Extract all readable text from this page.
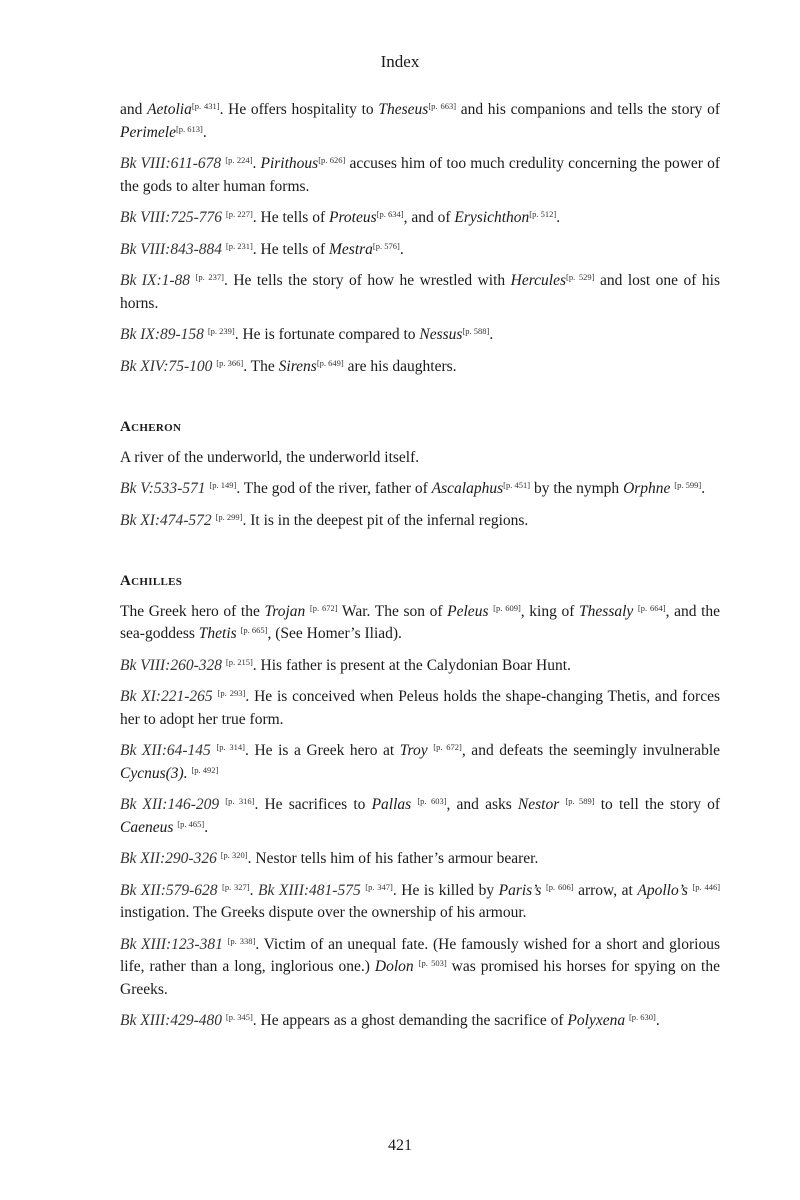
Index

and Aetolia[p. 431]. He offers hospitality to Theseus[p. 663] and his companions and tells the story of Perimele[p. 613].

Bk VIII:611-678 [p. 224]. Pirithous[p. 626] accuses him of too much credulity concerning the power of the gods to alter human forms.

Bk VIII:725-776 [p. 227]. He tells of Proteus[p. 634], and of Erysichthon[p. 512].

Bk VIII:843-884 [p. 231]. He tells of Mestra[p. 576].

Bk IX:1-88 [p. 237]. He tells the story of how he wrestled with Hercules[p. 529] and lost one of his horns.

Bk IX:89-158 [p. 239]. He is fortunate compared to Nessus[p. 588].

Bk XIV:75-100 [p. 366]. The Sirens[p. 649] are his daughters.

Acheron

A river of the underworld, the underworld itself.

Bk V:533-571 [p. 149]. The god of the river, father of Ascalaphus[p. 451] by the nymph Orphne [p. 599].

Bk XI:474-572 [p. 299]. It is in the deepest pit of the infernal regions.

Achilles

The Greek hero of the Trojan [p. 672] War. The son of Peleus [p. 609], king of Thessaly [p. 664], and the sea-goddess Thetis [p. 665], (See Homer’s Iliad).

Bk VIII:260-328 [p. 215]. His father is present at the Calydonian Boar Hunt.

Bk XI:221-265 [p. 293]. He is conceived when Peleus holds the shape-changing Thetis, and forces her to adopt her true form.

Bk XII:64-145 [p. 314]. He is a Greek hero at Troy [p. 672], and defeats the seemingly invulnerable Cycnus(3). [p. 492]

Bk XII:146-209 [p. 316]. He sacrifices to Pallas [p. 603], and asks Nestor [p. 589] to tell the story of Caeneus [p. 465].

Bk XII:290-326 [p. 320]. Nestor tells him of his father’s armour bearer.

Bk XII:579-628 [p. 327]. Bk XIII:481-575 [p. 347]. He is killed by Paris’s [p. 606] arrow, at Apollo’s [p. 446] instigation. The Greeks dispute over the ownership of his armour.

Bk XIII:123-381 [p. 338]. Victim of an unequal fate. (He famously wished for a short and glorious life, rather than a long, inglorious one.) Dolon [p. 503] was promised his horses for spying on the Greeks.

Bk XIII:429-480 [p. 345]. He appears as a ghost demanding the sacrifice of Polyxena [p. 630].

421
